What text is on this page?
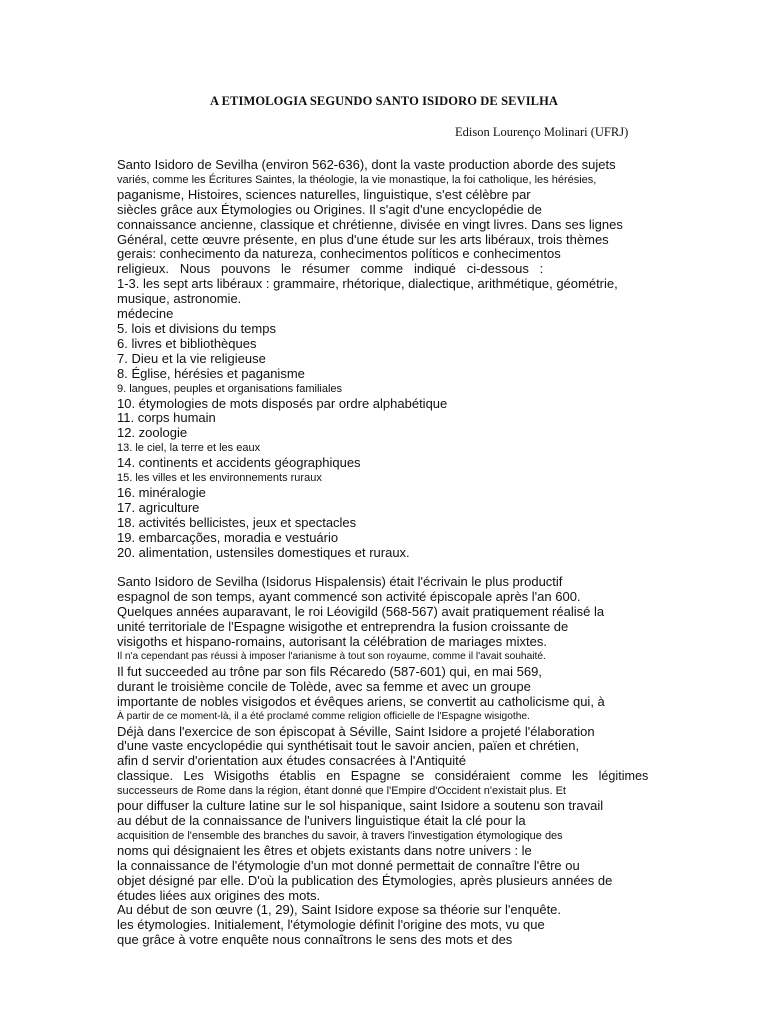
A ETIMOLOGIA SEGUNDO SANTO ISIDORO DE SEVILHA
Edison Lourenço Molinari (UFRJ)
Santo Isidoro de Sevilha (environ 562-636), dont la vaste production aborde des sujets
variés, comme les Écritures Saintes, la théologie, la vie monastique, la foi catholique, les hérésies,
paganisme, Histoires, sciences naturelles, linguistique, s'est célèbre par
siècles grâce aux Étymologies ou Origines. Il s'agit d'une encyclopédie de
connaissance ancienne, classique et chrétienne, divisée en vingt livres. Dans ses lignes
Général, cette œuvre présente, en plus d'une étude sur les arts libéraux, trois thèmes
gerais: conhecimento da natureza, conhecimentos políticos e conhecimentos
religieux.   Nous   pouvons   le   résumer   comme   indiqué   ci-dessous   :
1-3. les sept arts libéraux : grammaire, rhétorique, dialectique, arithmétique, géométrie,
musique, astronomie.
médecine
5. lois et divisions du temps
6. livres et bibliothèques
7. Dieu et la vie religieuse
8. Église, hérésies et paganisme
9. langues, peuples et organisations familiales
10. étymologies de mots disposés par ordre alphabétique
11. corps humain
12. zoologie
13. le ciel, la terre et les eaux
14. continents et accidents géographiques
15. les villes et les environnements ruraux
16. minéralogie
17. agriculture
18. activités bellicistes, jeux et spectacles
19. embarcações, moradia e vestuário
20. alimentation, ustensiles domestiques et ruraux.
Santo Isidoro de Sevilha (Isidorus Hispalensis) était l'écrivain le plus productif
espagnol de son temps, ayant commencé son activité épiscopale après l'an 600.
Quelques années auparavant, le roi Léovigild (568-567) avait pratiquement réalisé la
unité territoriale de l'Espagne wisigothe et entreprendra la fusion croissante de
visigoths et hispano-romains, autorisant la célébration de mariages mixtes.
Il n'a cependant pas réussi à imposer l'arianisme à tout son royaume, comme il l'avait souhaité.
Il fut succeeded au trône par son fils Récaredo (587-601) qui, en mai 569,
durant le troisième concile de Tolède, avec sa femme et avec un groupe
importante de nobles visigodos et évêques ariens, se convertit au catholicisme qui, à
À partir de ce moment-là, il a été proclamé comme religion officielle de l'Espagne wisigothe.
Déjà dans l'exercice de son épiscopat à Séville, Saint Isidore a projeté l'élaboration
d'une vaste encyclopédie qui synthétisait tout le savoir ancien, païen et chrétien,
afin d servir d'orientation aux études consacrées à l'Antiquité
classique.   Les   Wisigoths   établis   en   Espagne   se   considéraient   comme   les   légitimes
successeurs de Rome dans la région, étant donné que l'Empire d'Occident n'existait plus. Et
pour diffuser la culture latine sur le sol hispanique, saint Isidore a soutenu son travail
au début de la connaissance de l'univers linguistique était la clé pour la
acquisition de l'ensemble des branches du savoir, à travers l'investigation étymologique des
noms qui désignaient les êtres et objets existants dans notre univers : le
la connaissance de l'étymologie d'un mot donné permettait de connaître l'être ou
objet désigné par elle. D'où la publication des Étymologies, après plusieurs années de
études liées aux origines des mots.
Au début de son œuvre (1, 29), Saint Isidore expose sa théorie sur l'enquête.
les étymologies. Initialement, l'étymologie définit l'origine des mots, vu que
que grâce à votre enquête nous connaîtrons le sens des mots et des
